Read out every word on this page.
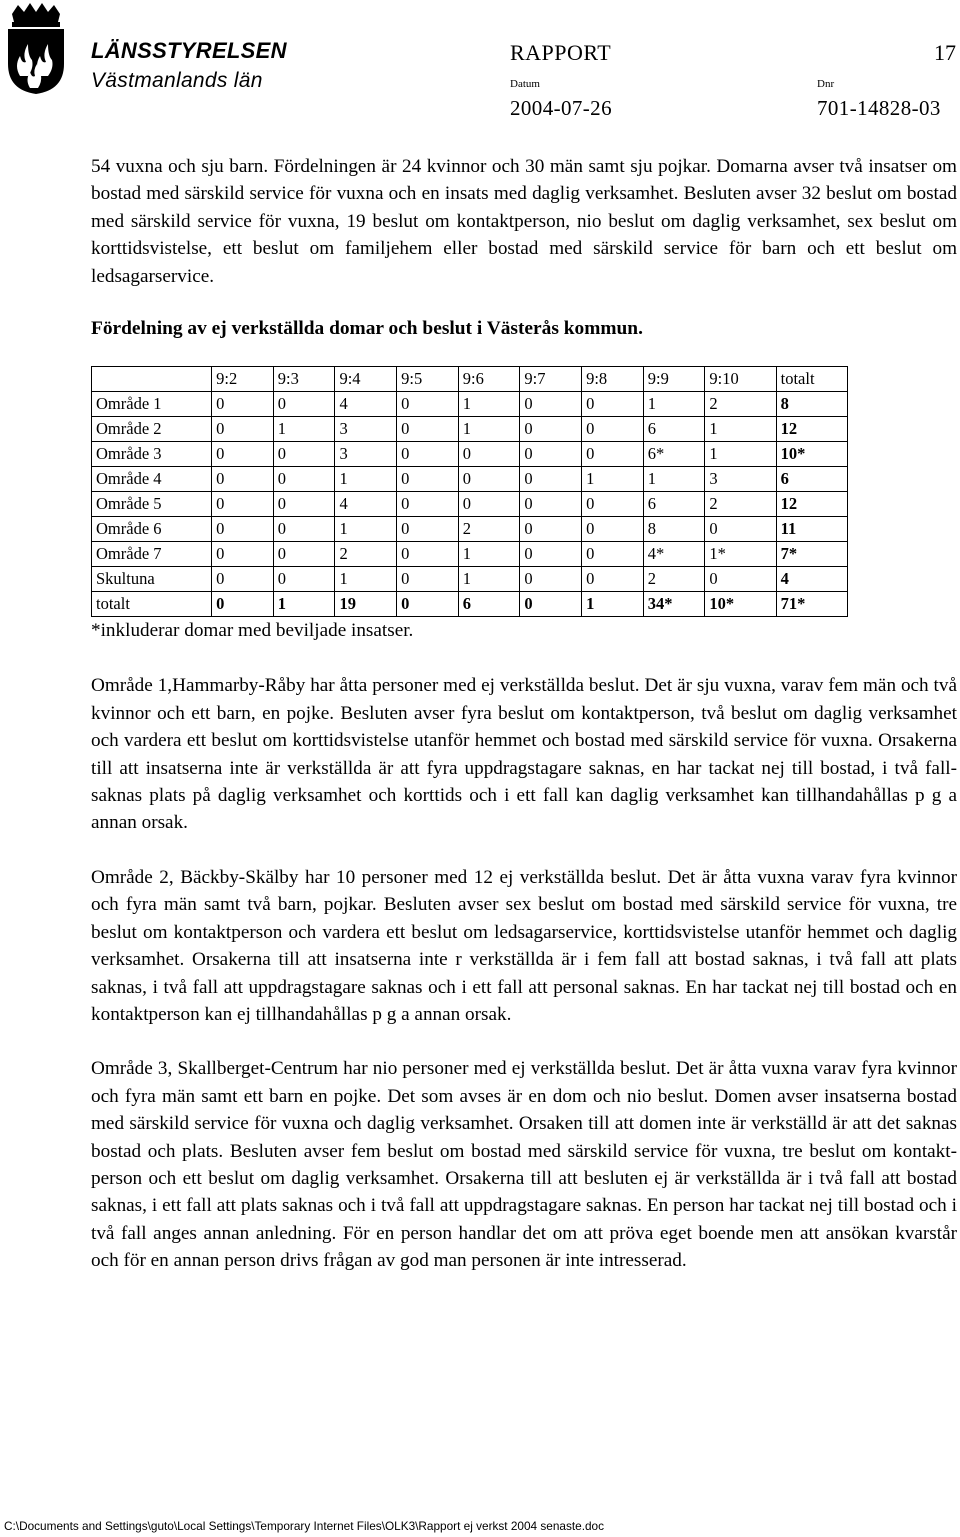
LÄNSSTYRELSEN
Västmanlands län
RAPPORT	17
Datum	Dnr
2004-07-26	701-14828-03

54 vuxna och sju barn. Fördelningen är 24 kvinnor och 30 män samt sju pojkar. Domarna avser två insatser om bostad med särskild service för vuxna och en insats med daglig verksamhet. Besluten avser 32 beslut om bostad med särskild service för vuxna, 19 beslut om kontaktperson, nio beslut om daglig verksamhet, sex beslut om korttidsvistelse, ett beslut om familjehem eller bostad med särskild service för barn och ett beslut om ledsagarservice.

Fördelning av ej verkställda domar och beslut i Västerås kommun.
	9:2	9:3	9:4	9:5	9:6	9:7	9:8	9:9	9:10	totalt
Område 1	0	0	4	0	1	0	0	1	2	8
Område 2	0	1	3	0	1	0	0	6	1	12
Område 3	0	0	3	0	0	0	0	6*	1	10*
Område 4	0	0	1	0	0	0	1	1	3	6
Område 5	0	0	4	0	0	0	0	6	2	12
Område 6	0	0	1	0	2	0	0	8	0	11
Område 7	0	0	2	0	1	0	0	4*	1*	7*
Skultuna	0	0	1	0	1	0	0	2	0	4
totalt	0	1	19	0	6	0	1	34*	10*	71*

*inkluderar domar med beviljade insatser.

Område 1,Hammarby-Råby har åtta personer med ej verkställda beslut. Det är sju vuxna, varav fem män och två kvinnor och ett barn, en pojke. Besluten avser fyra beslut om kontaktperson, två beslut om daglig verksamhet och vardera ett beslut om korttidsvistelse utanför hemmet och bostad med särskild service för vuxna. Orsakerna till att insatserna inte är verkställda är att fyra uppdragstagare saknas, en har tackat nej till bostad, i två fallsaknas plats på daglig verksamhet och korttids och i ett fall kan daglig verksamhet kan tillhandahållas p g a annan orsak.

Område 2, Bäckby-Skälby har 10 personer med 12 ej verkställda beslut. Det är åtta vuxna varav fyra kvinnor och fyra män samt två barn, pojkar. Besluten avser sex beslut om bostad med särskild service för vuxna, tre beslut om kontaktperson och vardera ett beslut om ledsagarservice, korttidsvistelse utanför hemmet och daglig verksamhet. Orsakerna till att insatserna inte r verkställda är i fem fall att bostad saknas, i två fall att plats saknas, i två fall att uppdragstagare saknas och i ett fall att personal saknas. En har tackat nej till bostad och en kontaktperson kan ej tillhandahållas p g a annan orsak.

Område 3, Skallberget-Centrum har nio personer med ej verkställda beslut. Det är åtta vuxna varav fyra kvinnor och fyra män samt ett barn en pojke. Det som avses är en dom och nio beslut. Domen avser insatserna bostad med särskild service för vuxna och daglig verksamhet. Orsaken till att domen inte är verkställd är att det saknas bostad och plats. Besluten avser fem beslut om bostad med särskild service för vuxna, tre beslut om kontaktperson och ett beslut om daglig verksamhet. Orsakerna till att besluten ej är verkställda är i två fall att bostad saknas, i ett fall att plats saknas och i två fall att uppdragstagare saknas. En person har tackat nej till bostad och i två fall anges annan anledning. För en person handlar det om att pröva eget boende men att ansökan kvarstår och för en annan person drivs frågan av god man personen är inte intresserad.

C:\Documents and Settings\guto\Local Settings\Temporary Internet Files\OLK3\Rapport ej verkst 2004 senaste.doc
